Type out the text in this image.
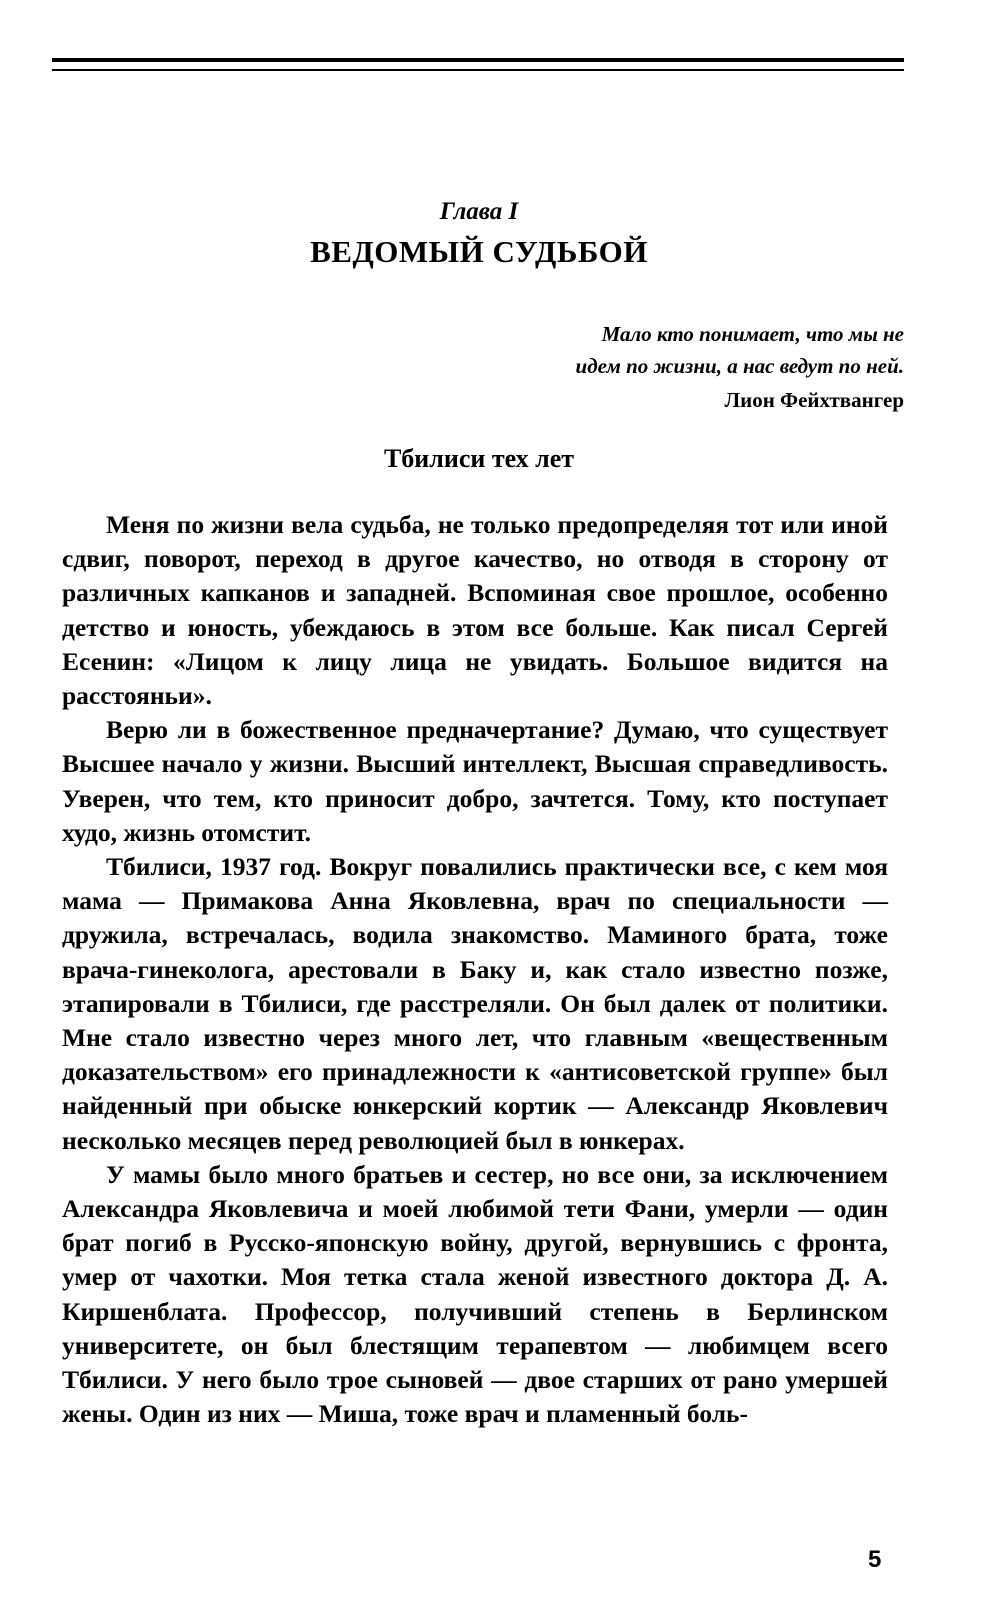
Глава I
ВЕДОМЫЙ СУДЬБОЙ
Мало кто понимает, что мы не
идем по жизни, а нас ведут по ней.
Лион Фейхтвангер
Тбилиси тех лет

Меня по жизни вела судьба, не только предопределяя тот или иной сдвиг, поворот, переход в другое качество, но отводя в сторону от различных капканов и западней. Вспоминая свое прошлое, особенно детство и юность, убеждаюсь в этом все больше. Как писал Сергей Есенин: «Лицом к лицу лица не увидать. Большое видится на расстояньи».

Верю ли в божественное предначертание? Думаю, что существует Высшее начало у жизни. Высший интеллект, Высшая справедливость. Уверен, что тем, кто приносит добро, зачтется. Тому, кто поступает худо, жизнь отомстит.

Тбилиси, 1937 год. Вокруг повалились практически все, с кем моя мама — Примакова Анна Яковлевна, врач по специальности — дружила, встречалась, водила знакомство. Маминого брата, тоже врача-гинеколога, арестовали в Баку и, как стало известно позже, этапировали в Тбилиси, где расстреляли. Он был далек от политики. Мне стало известно через много лет, что главным «вещественным доказательством» его принадлежности к «антисоветской группе» был найденный при обыске юнкерский кортик — Александр Яковлевич несколько месяцев перед революцией был в юнкерах.

У мамы было много братьев и сестер, но все они, за исключением Александра Яковлевича и моей любимой тети Фани, умерли — один брат погиб в Русско-японскую войну, другой, вернувшись с фронта, умер от чахотки. Моя тетка стала женой известного доктора Д. А. Киршенблата. Профессор, получивший степень в Берлинском университете, он был блестящим терапевтом — любимцем всего Тбилиси. У него было трое сыновей — двое старших от рано умершей жены. Один из них — Миша, тоже врач и пламенный боль-

5
